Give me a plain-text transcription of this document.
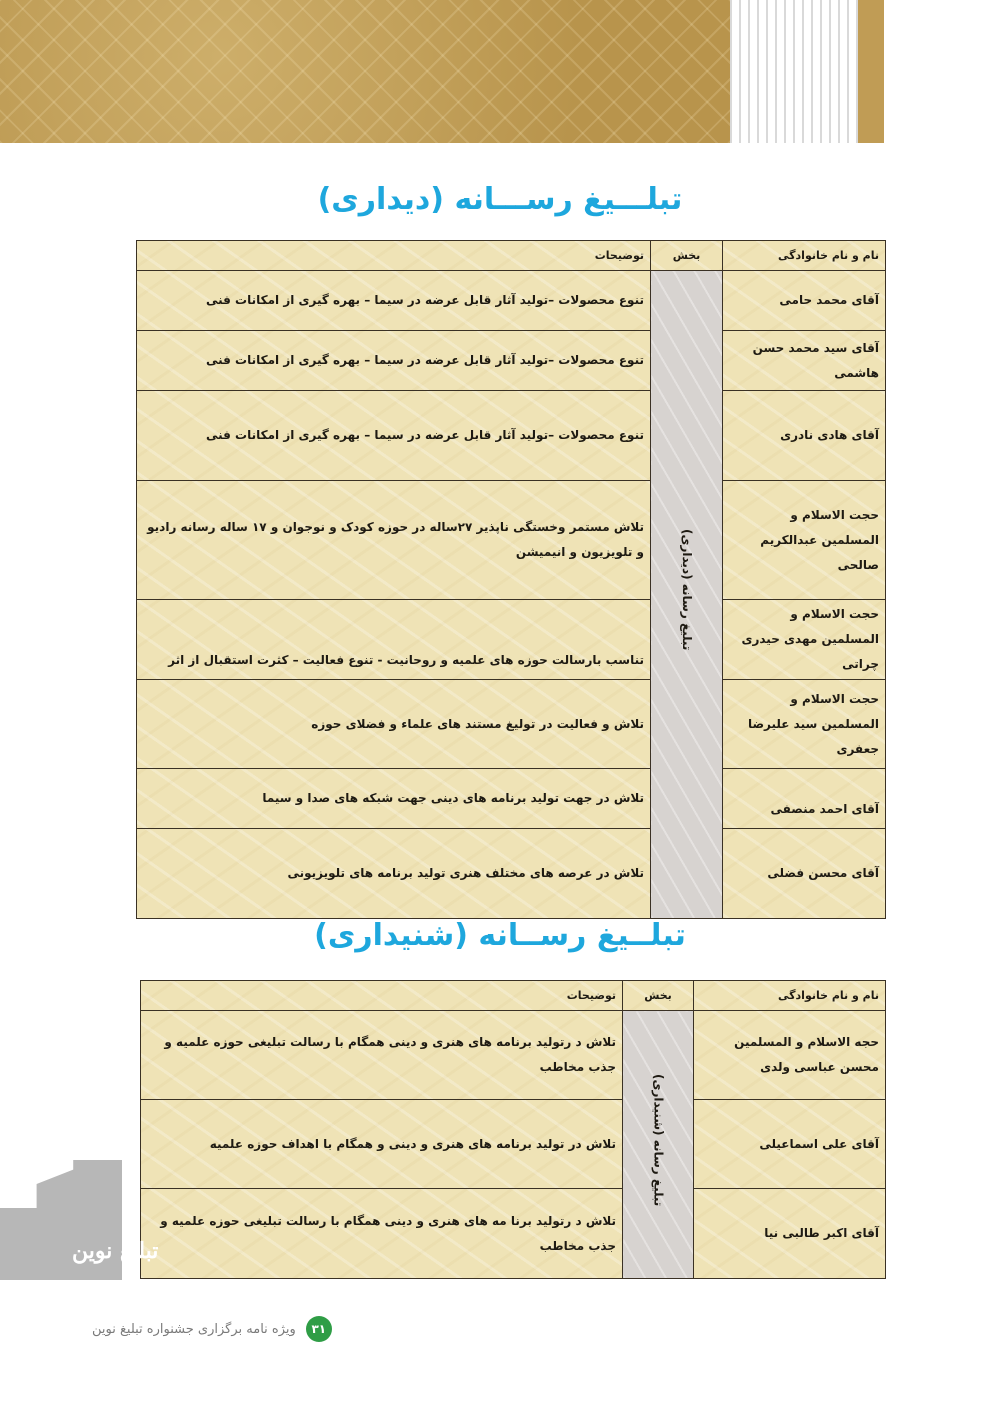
تبلـــیغ رســـانه (دیداری)
نام و نام خانوادگی	بخش	توضیحات
آقای محمد حامی	تبلیغ رسانه (دیداری)	تنوع محصولات –تولید آثار قابل عرضه در سیما – بهره گیری از امکانات فنی
آقای سید محمد حسن هاشمی		تنوع محصولات –تولید آثار قابل عرضه در سیما – بهره گیری از امکانات فنی
آقای هادی نادری		تنوع محصولات –تولید آثار قابل عرضه در سیما – بهره گیری از امکانات فنی
حجت الاسلام و المسلمین عبدالکریم صالحی		تلاش مستمر وخستگی ناپذیر ۲۷ساله در حوزه کودک و نوجوان و ۱۷ ساله رسانه رادیو و تلویزیون و انیمیشن
حجت الاسلام و المسلمین مهدی حیدری چراتی		تناسب بارسالت حوزه های علمیه و روحانیت - تنوع فعالیت – کثرت استقبال از اثر
حجت الاسلام و المسلمین سید علیرضا جعفری		تلاش و فعالیت در تولیغ مستند های علماء و فضلای حوزه
آقای احمد منصفی		تلاش در جهت تولید برنامه های دینی جهت شبکه های صدا و سیما
آقای محسن فضلی		تلاش در عرصه های مختلف هنری تولید برنامه های تلویزیونی
تبلــیغ رســانه (شنیداری)
نام و نام خانوادگی	بخش	توضیحات
حجه الاسلام و المسلمین محسن عباسی ولدی	تبلیغ رسانه (شنیداری)	تلاش د رتولید برنامه های هنری و دینی همگام با رسالت تبلیغی حوزه علمیه و جذب مخاطب
آقای علی اسماعیلی		تلاش در تولید برنامه های هنری و دینی و همگام با اهداف حوزه علمیه
آقای اکبر طالبی نیا		تلاش د رتولید برنا مه های هنری و دینی همگام با رسالت تبلیغی حوزه علمیه و جذب مخاطب
تبلیغ نوین
۳۱
ویژه نامه برگزاری جشنواره تبلیغ نوین
